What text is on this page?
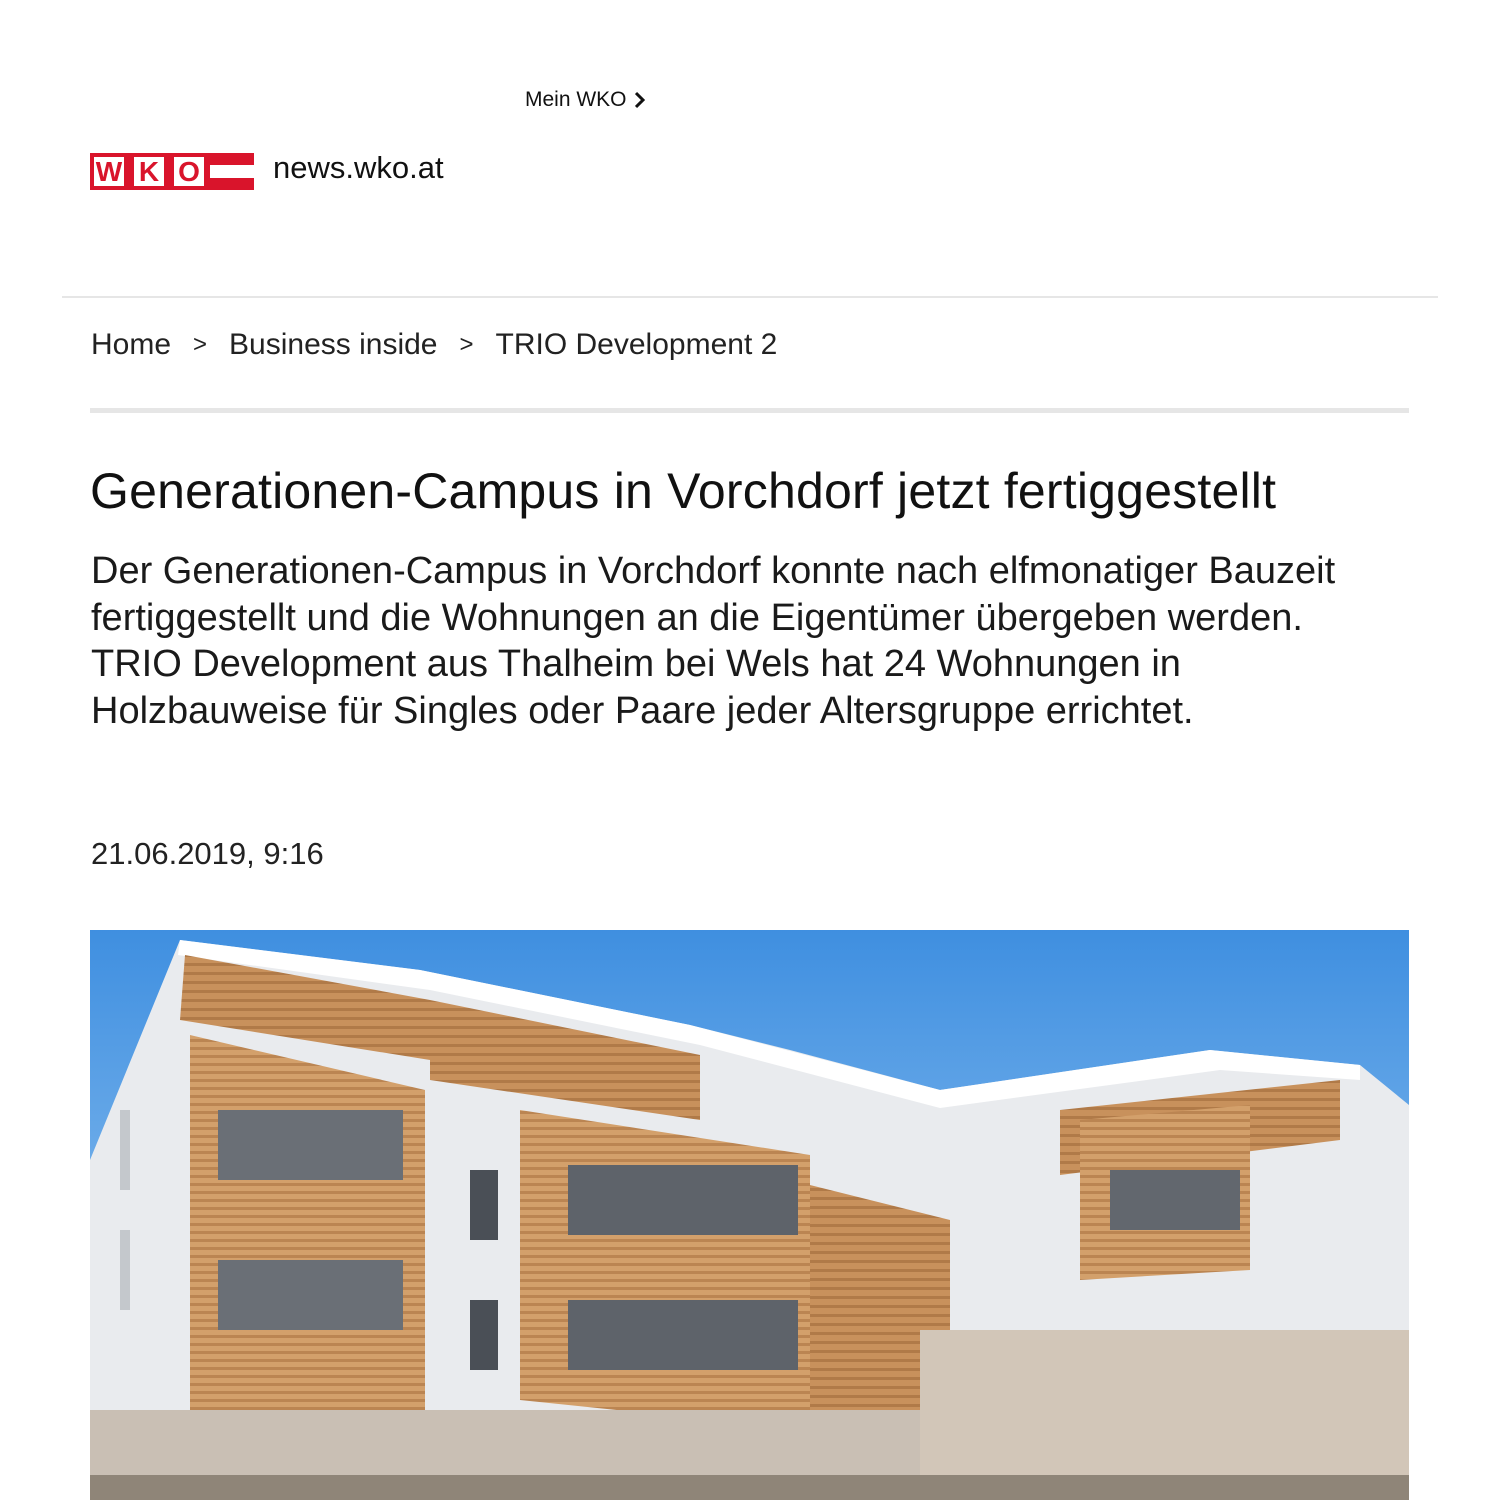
Mein WKO
W K O news.wko.at
Home > Business inside > TRIO Development 2
Generationen-Campus in Vorchdorf jetzt fertiggestellt

Der Generationen-Campus in Vorchdorf konnte nach elfmonatiger Bauzeit fertiggestellt und die Wohnungen an die Eigentümer übergeben werden. TRIO Development aus Thalheim bei Wels hat 24 Wohnungen in Holzbauweise für Singles oder Paare jeder Altersgruppe errichtet.

21.06.2019, 9:16
